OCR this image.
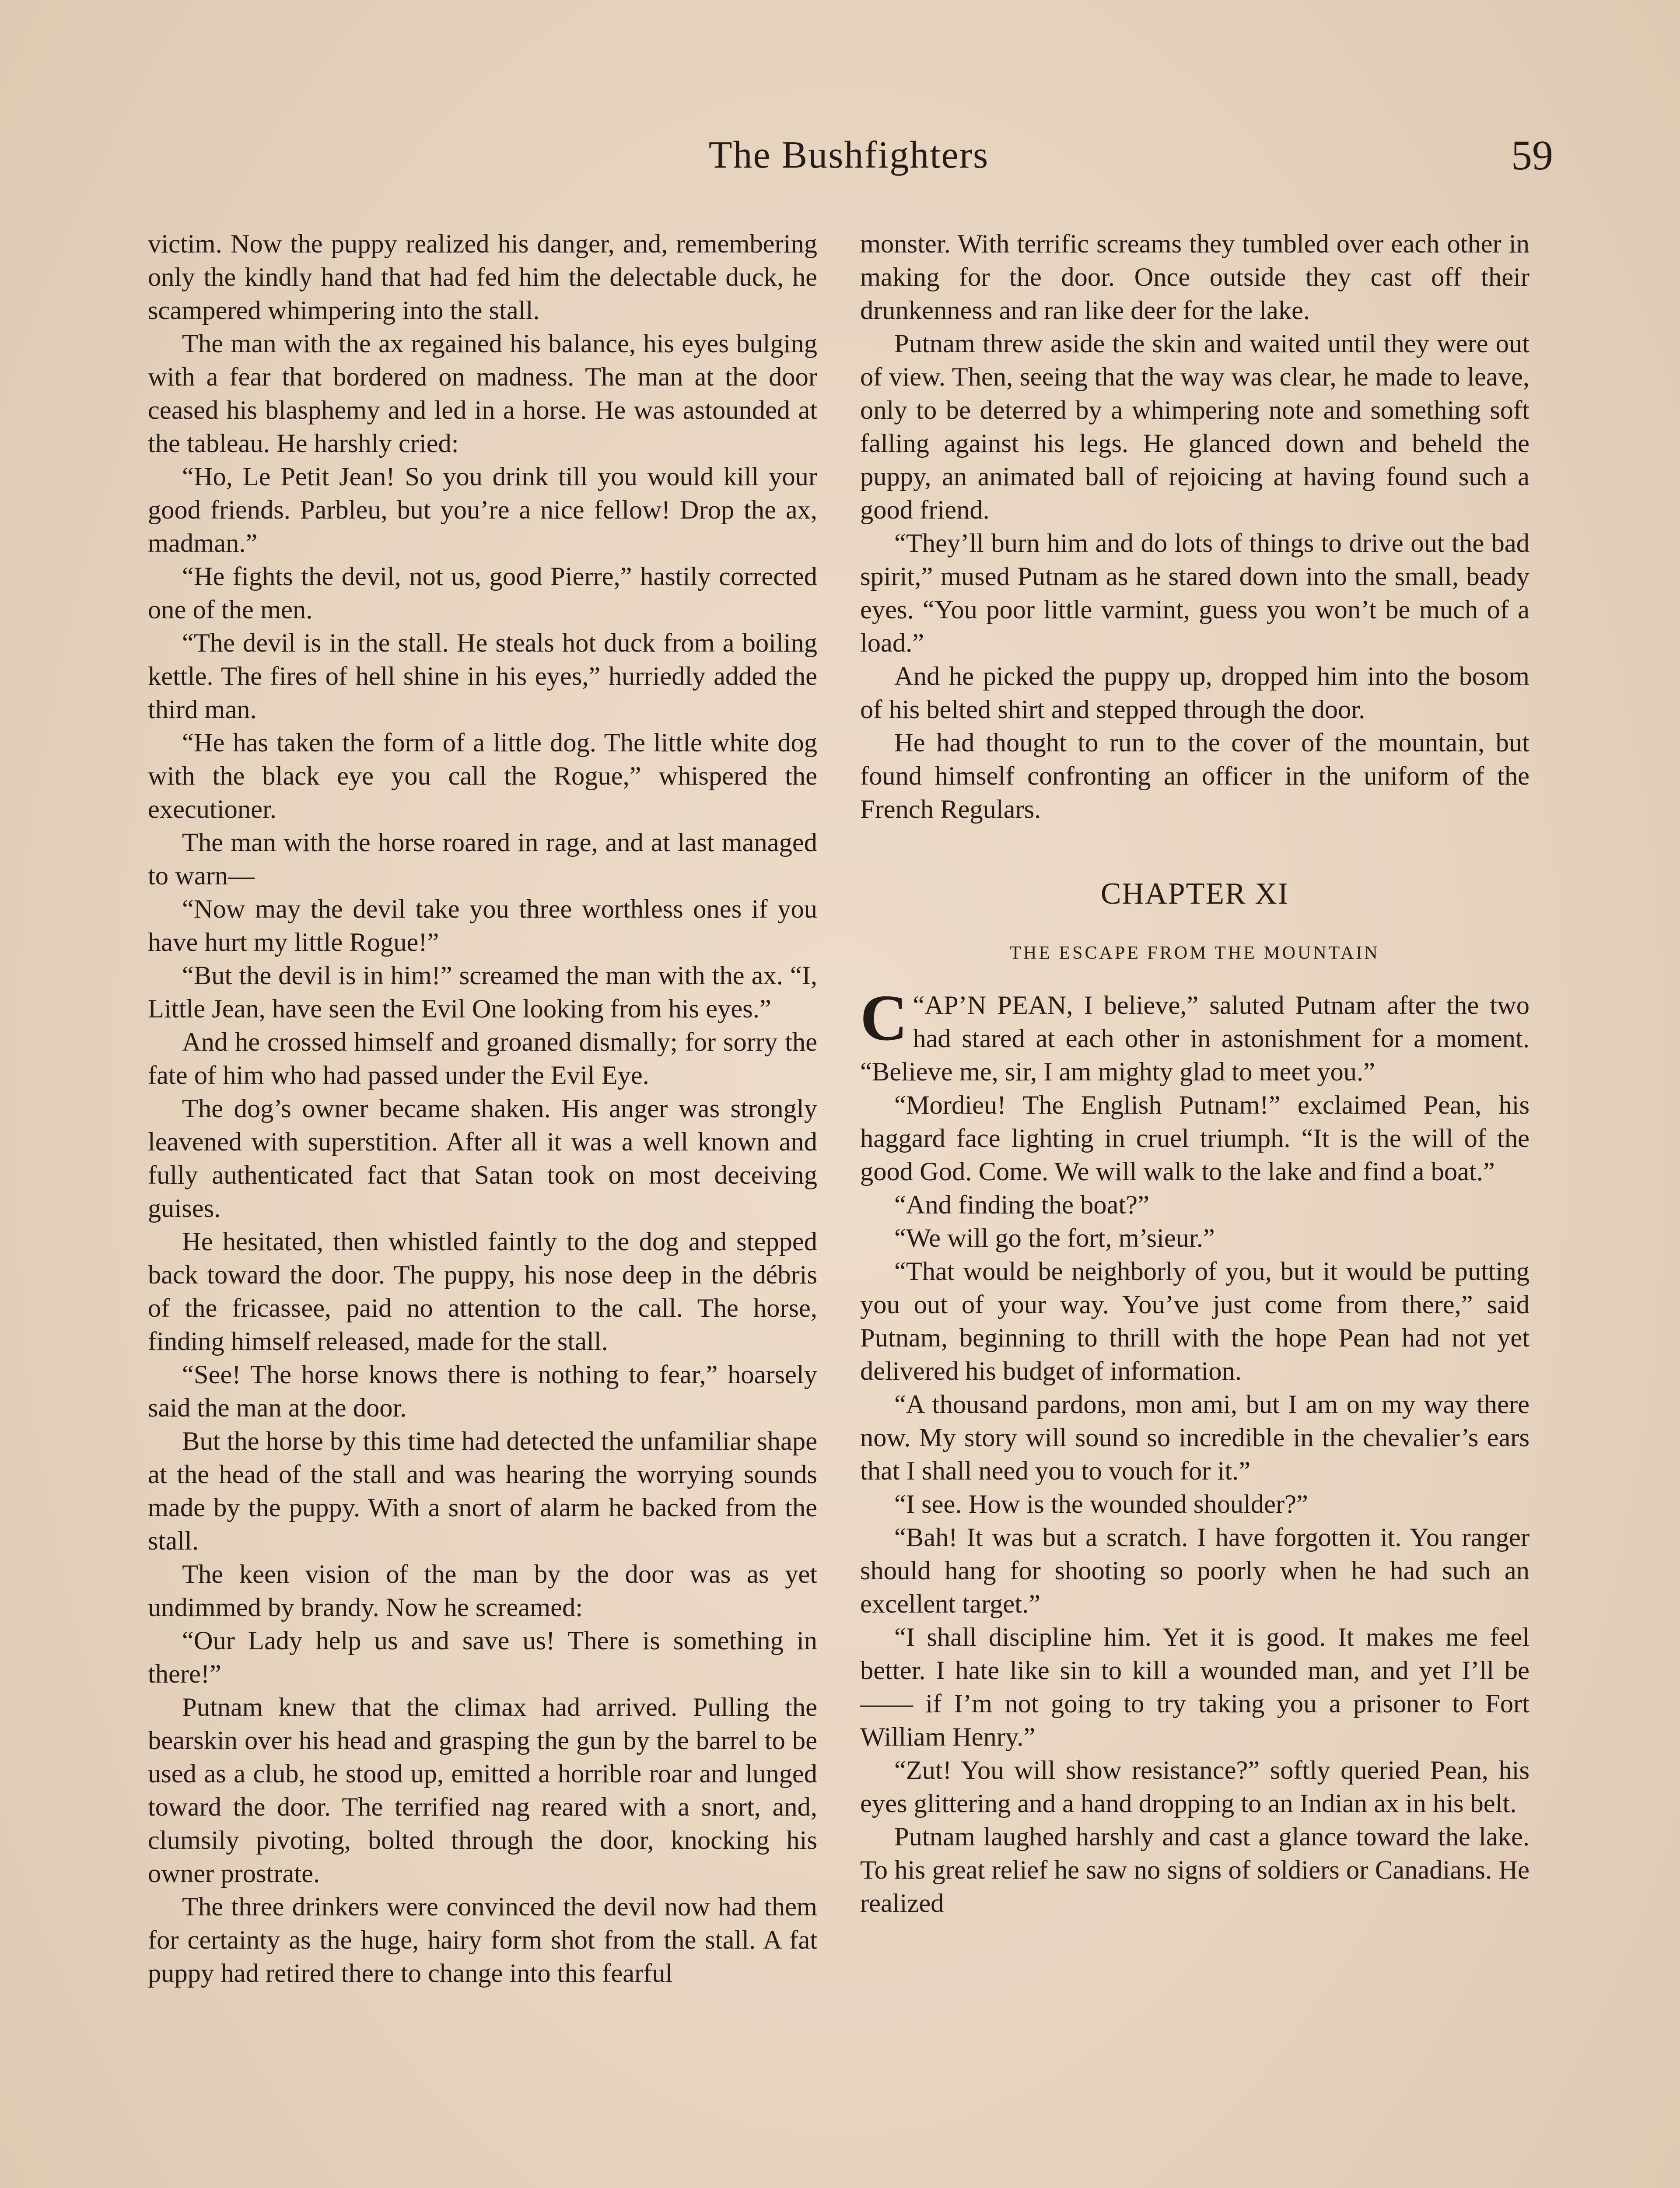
The Bushfighters	59

victim. Now the puppy realized his danger, and, remembering only the kindly hand that had fed him the delectable duck, he scampered whimpering into the stall.

The man with the ax regained his balance, his eyes bulging with a fear that bordered on madness. The man at the door ceased his blasphemy and led in a horse. He was astounded at the tableau. He harshly cried:

“Ho, Le Petit Jean! So you drink till you would kill your good friends. Parbleu, but you’re a nice fellow! Drop the ax, madman.”

“He fights the devil, not us, good Pierre,” hastily corrected one of the men.

“The devil is in the stall. He steals hot duck from a boiling kettle. The fires of hell shine in his eyes,” hurriedly added the third man.

“He has taken the form of a little dog. The little white dog with the black eye you call the Rogue,” whispered the executioner.

The man with the horse roared in rage, and at last managed to warn—

“Now may the devil take you three worthless ones if you have hurt my little Rogue!”

“But the devil is in him!” screamed the man with the ax. “I, Little Jean, have seen the Evil One looking from his eyes.”

And he crossed himself and groaned dismally; for sorry the fate of him who had passed under the Evil Eye.

The dog’s owner became shaken. His anger was strongly leavened with superstition. After all it was a well known and fully authenticated fact that Satan took on most deceiving guises.

He hesitated, then whistled faintly to the dog and stepped back toward the door. The puppy, his nose deep in the débris of the fricassee, paid no attention to the call. The horse, finding himself released, made for the stall.

“See! The horse knows there is nothing to fear,” hoarsely said the man at the door.

But the horse by this time had detected the unfamiliar shape at the head of the stall and was hearing the worrying sounds made by the puppy. With a snort of alarm he backed from the stall.

The keen vision of the man by the door was as yet undimmed by brandy. Now he screamed:

“Our Lady help us and save us! There is something in there!”

Putnam knew that the climax had arrived. Pulling the bearskin over his head and grasping the gun by the barrel to be used as a club, he stood up, emitted a horrible roar and lunged toward the door. The terrified nag reared with a snort, and, clumsily pivoting, bolted through the door, knocking his owner prostrate.

The three drinkers were convinced the devil now had them for certainty as the huge, hairy form shot from the stall. A fat puppy had retired there to change into this fearful

monster. With terrific screams they tumbled over each other in making for the door. Once outside they cast off their drunkenness and ran like deer for the lake.

Putnam threw aside the skin and waited until they were out of view. Then, seeing that the way was clear, he made to leave, only to be deterred by a whimpering note and something soft falling against his legs. He glanced down and beheld the puppy, an animated ball of rejoicing at having found such a good friend.

“They’ll burn him and do lots of things to drive out the bad spirit,” mused Putnam as he stared down into the small, beady eyes. “You poor little varmint, guess you won’t be much of a load.”

And he picked the puppy up, dropped him into the bosom of his belted shirt and stepped through the door.

He had thought to run to the cover of the mountain, but found himself confronting an officer in the uniform of the French Regulars.

CHAPTER XI
THE ESCAPE FROM THE MOUNTAIN

“
C AP’N PEAN, I believe,” saluted Putnam after the two had stared at each other in astonishment for a moment. “Believe me, sir, I am mighty glad to meet you.”

“Mordieu! The English Putnam!” exclaimed Pean, his haggard face lighting in cruel triumph. “It is the will of the good God. Come. We will walk to the lake and find a boat.”

“And finding the boat?”

“We will go the fort, m’sieur.”

“That would be neighborly of you, but it would be putting you out of your way. You’ve just come from there,” said Putnam, beginning to thrill with the hope Pean had not yet delivered his budget of information.

“A thousand pardons, mon ami, but I am on my way there now. My story will sound so incredible in the chevalier’s ears that I shall need you to vouch for it.”

“I see. How is the wounded shoulder?”

“Bah! It was but a scratch. I have forgotten it. You ranger should hang for shooting so poorly when he had such an excellent target.”

“I shall discipline him. Yet it is good. It makes me feel better. I hate like sin to kill a wounded man, and yet I’ll be —— if I’m not going to try taking you a prisoner to Fort William Henry.”

“Zut! You will show resistance?” softly queried Pean, his eyes glittering and a hand dropping to an Indian ax in his belt.

Putnam laughed harshly and cast a glance toward the lake. To his great relief he saw no signs of soldiers or Canadians. He realized
